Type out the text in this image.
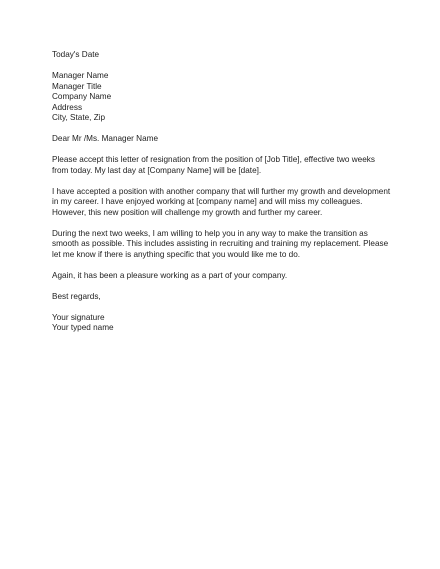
Today's Date
Manager Name
Manager Title
Company Name
Address
City, State, Zip
Dear Mr /Ms. Manager Name
Please accept this letter of resignation from the position of [Job Title], effective two weeks from today. My last day at [Company Name] will be [date].
I have accepted a position with another company that will further my growth and development in my career. I have enjoyed working at [company name] and will miss my colleagues. However, this new position will challenge my growth and further my career.
During the next two weeks, I am willing to help you in any way to make the transition as smooth as possible. This includes assisting in recruiting and training my replacement. Please let me know if there is anything specific that you would like me to do.
Again, it has been a pleasure working as a part of your company.
Best regards,
Your signature
Your typed name
